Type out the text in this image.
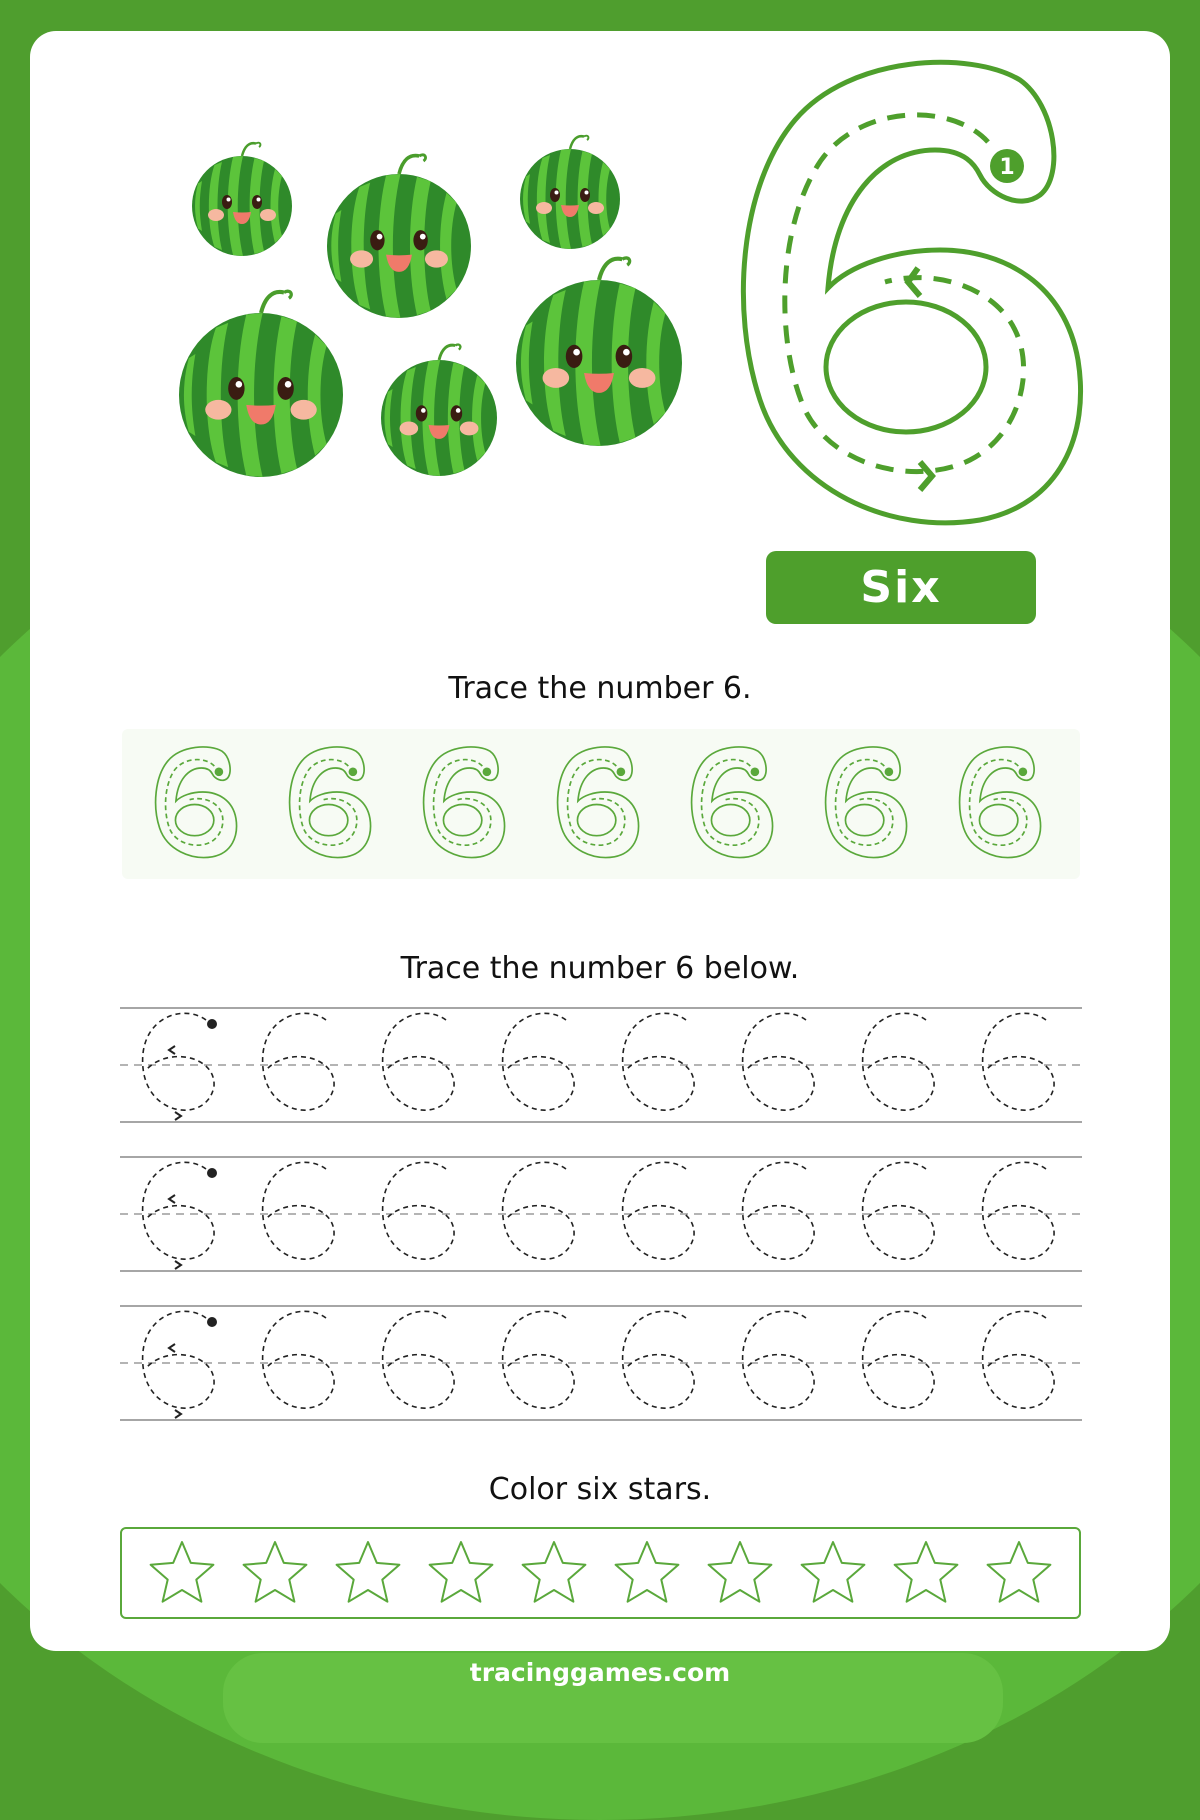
tracinggames.com
1
Six
Trace the number 6.
Trace the number 6 below.
Color six stars.
